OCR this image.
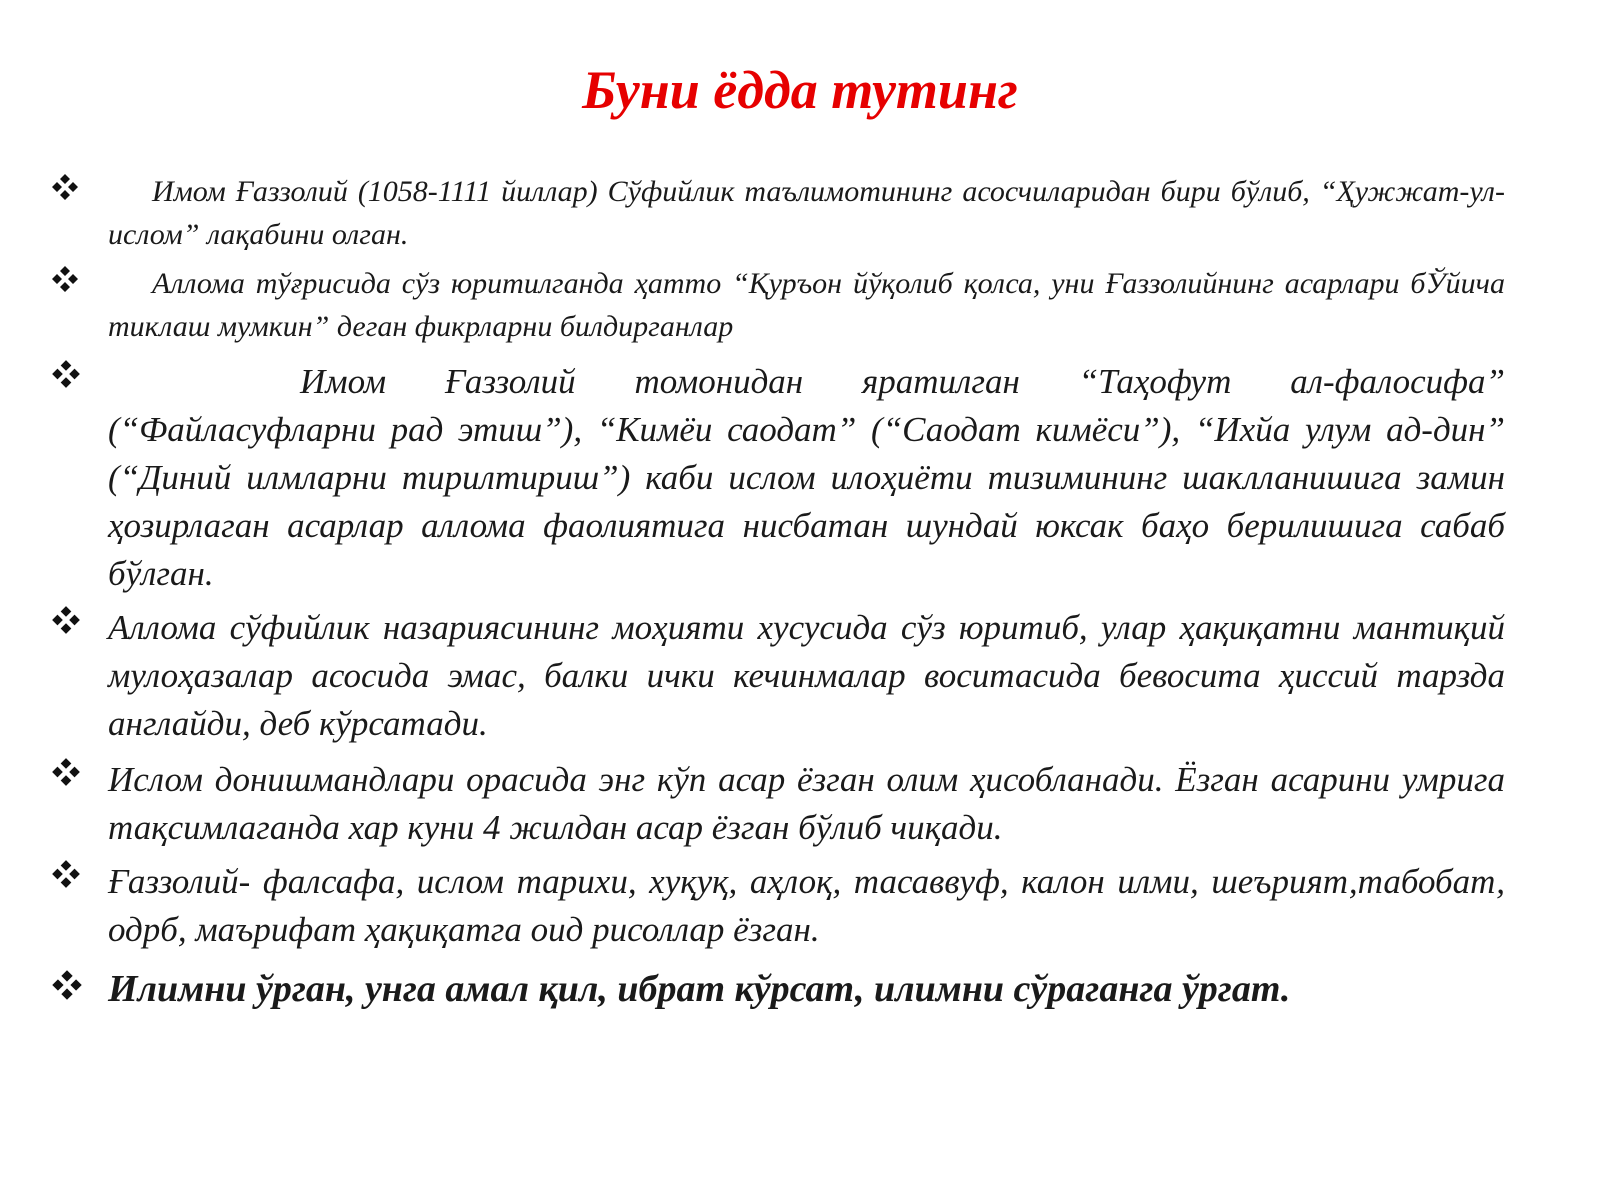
Буни ёдда тутинг

Имом Ғаззолий (1058-1111 йиллар) Сўфийлик таълимотининг асосчиларидан бири бўлиб, “Ҳужжат-ул-ислом” лақабини олган.

Аллома тўғрисида сўз юритилганда ҳатто “Қуръон йўқолиб қолса, уни Ғаззолийнинг асарлари бЎйича тиклаш мумкин” деган фикрларни билдирганлар

Имом Ғаззолий томонидан яратилган “Таҳофут ал-фалосифа” (“Файласуфларни рад этиш”), “Кимёи саодат” (“Саодат кимёси”), “Ихйа улум ад-дин” (“Диний илмларни тирилтириш”) каби ислом илоҳиёти тизимининг шаклланишига замин ҳозирлаган асарлар аллома фаолиятига нисбатан шундай юксак баҳо берилишига сабаб бўлган.

Аллома сўфийлик назариясининг моҳияти хусусида сўз юритиб, улар ҳақиқатни мантиқий мулоҳазалар асосида эмас, балки ички кечинмалар воситасида бевосита ҳиссий тарзда англайди, деб кўрсатади.

Ислом донишмандлари орасида энг кўп асар ёзган олим ҳисобланади. Ёзган асарини умрига тақсимлаганда хар куни 4 жилдан асар ёзган бўлиб чиқади.

Ғаззолий- фалсафа, ислом тарихи, хуқуқ, аҳлоқ, тасаввуф, калон илми, шеърият,табобат, одрб, маърифат ҳақиқатга оид рисоллар ёзган.

Илимни ўрган, унга амал қил, ибрат кўрсат, илимни сўраганга ўргат.
